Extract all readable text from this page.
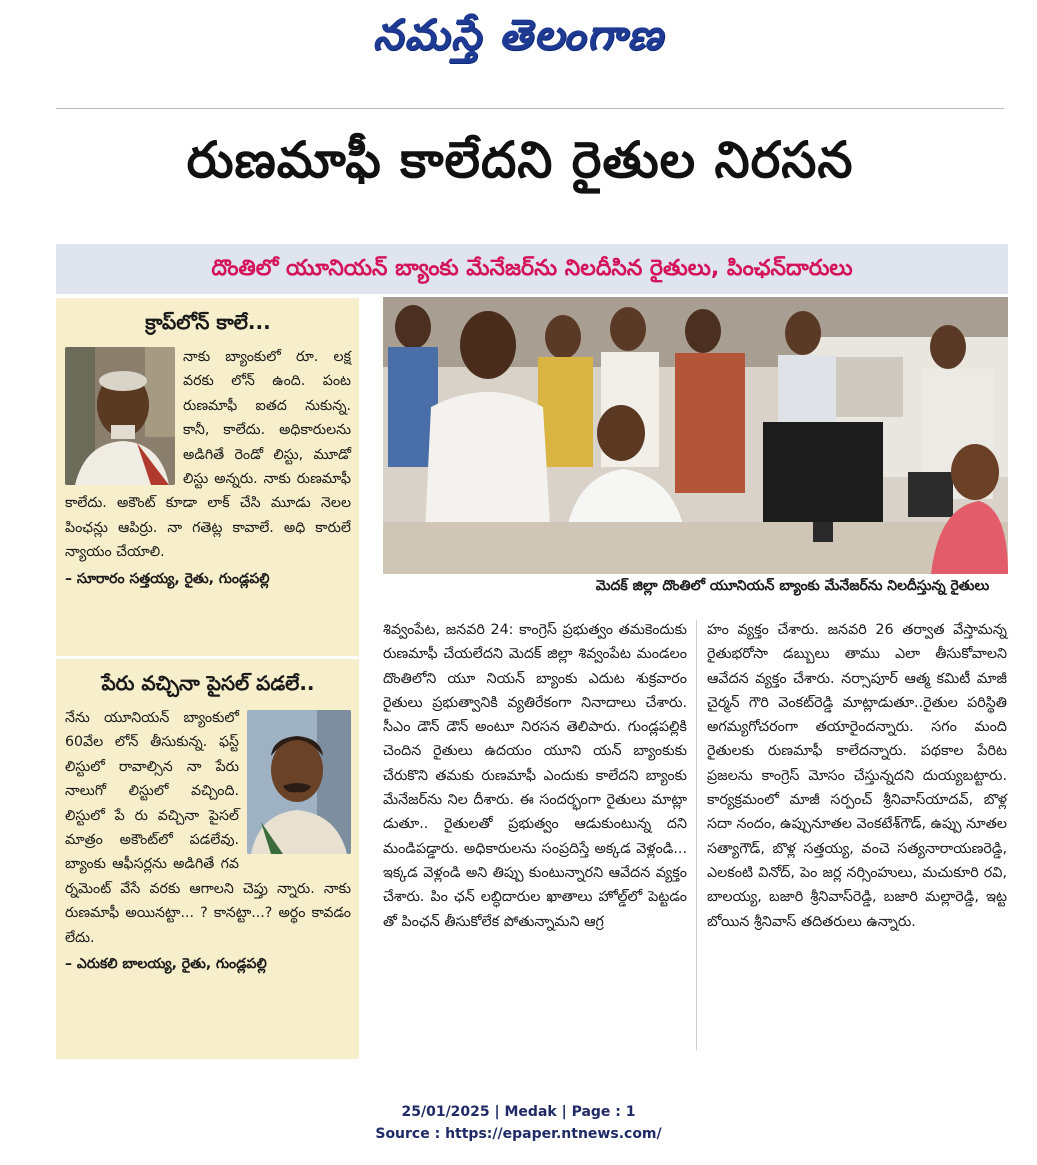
నమస్తే తెలంగాణ
రుణమాఫీ కాలేదని రైతుల నిరసన
దొంతిలో యూనియన్ బ్యాంకు మేనేజర్‌ను నిలదీసిన రైతులు, పింఛన్‌దారులు
క్రాప్‌లోన్ కాలే...
నాకు బ్యాంకులో రూ. లక్ష వరకు లోన్ ఉంది. పంట రుణమాఫీ ఐతద నుకున్న. కానీ, కాలేదు. అధికారులను అడిగితే రెండో లిస్టు, మూడో లిస్టు అన్నరు. నాకు రుణమాఫీ కాలేదు. అకౌంట్ కూడా లాక్ చేసి మూడు నెలల పింఛన్లు ఆపిర్రు. నా గతెట్ల కావాలే. అధి కారులే న్యాయం చేయాలి.
– సూరారం సత్తయ్య, రైతు, గుండ్లపల్లి
పేరు వచ్చినా పైసల్ పడలే..
నేను యూనియన్ బ్యాంకులో 60వేల లోన్ తీసుకున్న. ఫస్ట్ లిస్టులో రావాల్సిన నా పేరు నాలుగో లిస్టులో వచ్చింది. లిస్టులో పే రు వచ్చినా పైసల్ మాత్రం అకౌంట్‌లో పడలేవు. బ్యాంకు ఆఫీసర్లను అడిగితే గవ ర్నమెంట్ వేసే వరకు ఆగాలని చెప్తు న్నారు. నాకు రుణమాఫీ అయినట్టా... ? కానట్టా...? అర్థం కావడం లేదు.
– ఎరుకలి బాలయ్య, రైతు, గుండ్లపల్లి
మెదక్ జిల్లా దొంతిలో యూనియన్ బ్యాంకు మేనేజర్‌ను నిలదీస్తున్న రైతులు
శివ్వంపేట, జనవరి 24: కాంగ్రెస్ ప్రభుత్వం తమకెందుకు రుణమాఫీ చేయలేదని మెదక్ జిల్లా శివ్వంపేట మండలం దొంతిలోని యూ నియన్ బ్యాంకు ఎదుట శుక్రవారం రైతులు ప్రభుత్వానికి వ్యతిరేకంగా నినాదాలు చేశారు. సీఎం డౌన్ డౌన్ అంటూ నిరసన తెలిపారు. గుండ్లపల్లికి చెందిన రైతులు ఉదయం యూని యన్ బ్యాంకుకు చేరుకొని తమకు రుణమాఫీ ఎందుకు కాలేదని బ్యాంకు మేనేజర్‌ను నిల దీశారు. ఈ సందర్భంగా రైతులు మాట్లా డుతూ.. రైతులతో ప్రభుత్వం ఆడుకుంటున్న దని మండిపడ్డారు. అధికారులను సంప్రదిస్తే అక్కడ వెళ్లండి... ఇక్కడ వెళ్లండి అని తిప్పు కుంటున్నారని ఆవేదన వ్యక్తం చేశారు. పిం ఛన్ లబ్ధిదారుల ఖాతాలు హోల్డ్‌లో పెట్టడం తో పింఛన్ తీసుకోలేక పోతున్నామని ఆగ్ర
హం వ్యక్తం చేశారు. జనవరి 26 తర్వాత వేస్తామన్న రైతుభరోసా డబ్బులు తాము ఎలా తీసుకోవాలని ఆవేదన వ్యక్తం చేశారు. నర్సాపూర్ ఆత్మ కమిటీ మాజీ చైర్మన్ గౌరి వెంకట్‌రెడ్డి మాట్లాడుతూ..రైతుల పరిస్థితి అగమ్యగోచరంగా తయారైందన్నారు. సగం మంది రైతులకు రుణమాఫీ కాలేదన్నారు. పథకాల పేరిట ప్రజలను కాంగ్రెస్ మోసం చేస్తున్నదని దుయ్యబట్టారు. కార్యక్రమంలో మాజీ సర్పంచ్ శ్రీనివాస్‌యాదవ్, బొళ్ల సదా నందం, ఉప్పునూతల వెంకటేశ్‌గౌడ్, ఉప్పు నూతల సత్యాగౌడ్, బొళ్ల సత్తయ్య, వంచె సత్యనారాయణరెడ్డి, ఎలకంటి వినోద్, పెం జర్ల నర్సింహులు, మచుకూరి రవి, బాలయ్య, బజారి శ్రీనివాస్‌రెడ్డి, బజారి మల్లారెడ్డి, ఇట్ట బోయిన శ్రీనివాస్ తదితరులు ఉన్నారు.
25/01/2025 | Medak | Page : 1
Source : https://epaper.ntnews.com/
